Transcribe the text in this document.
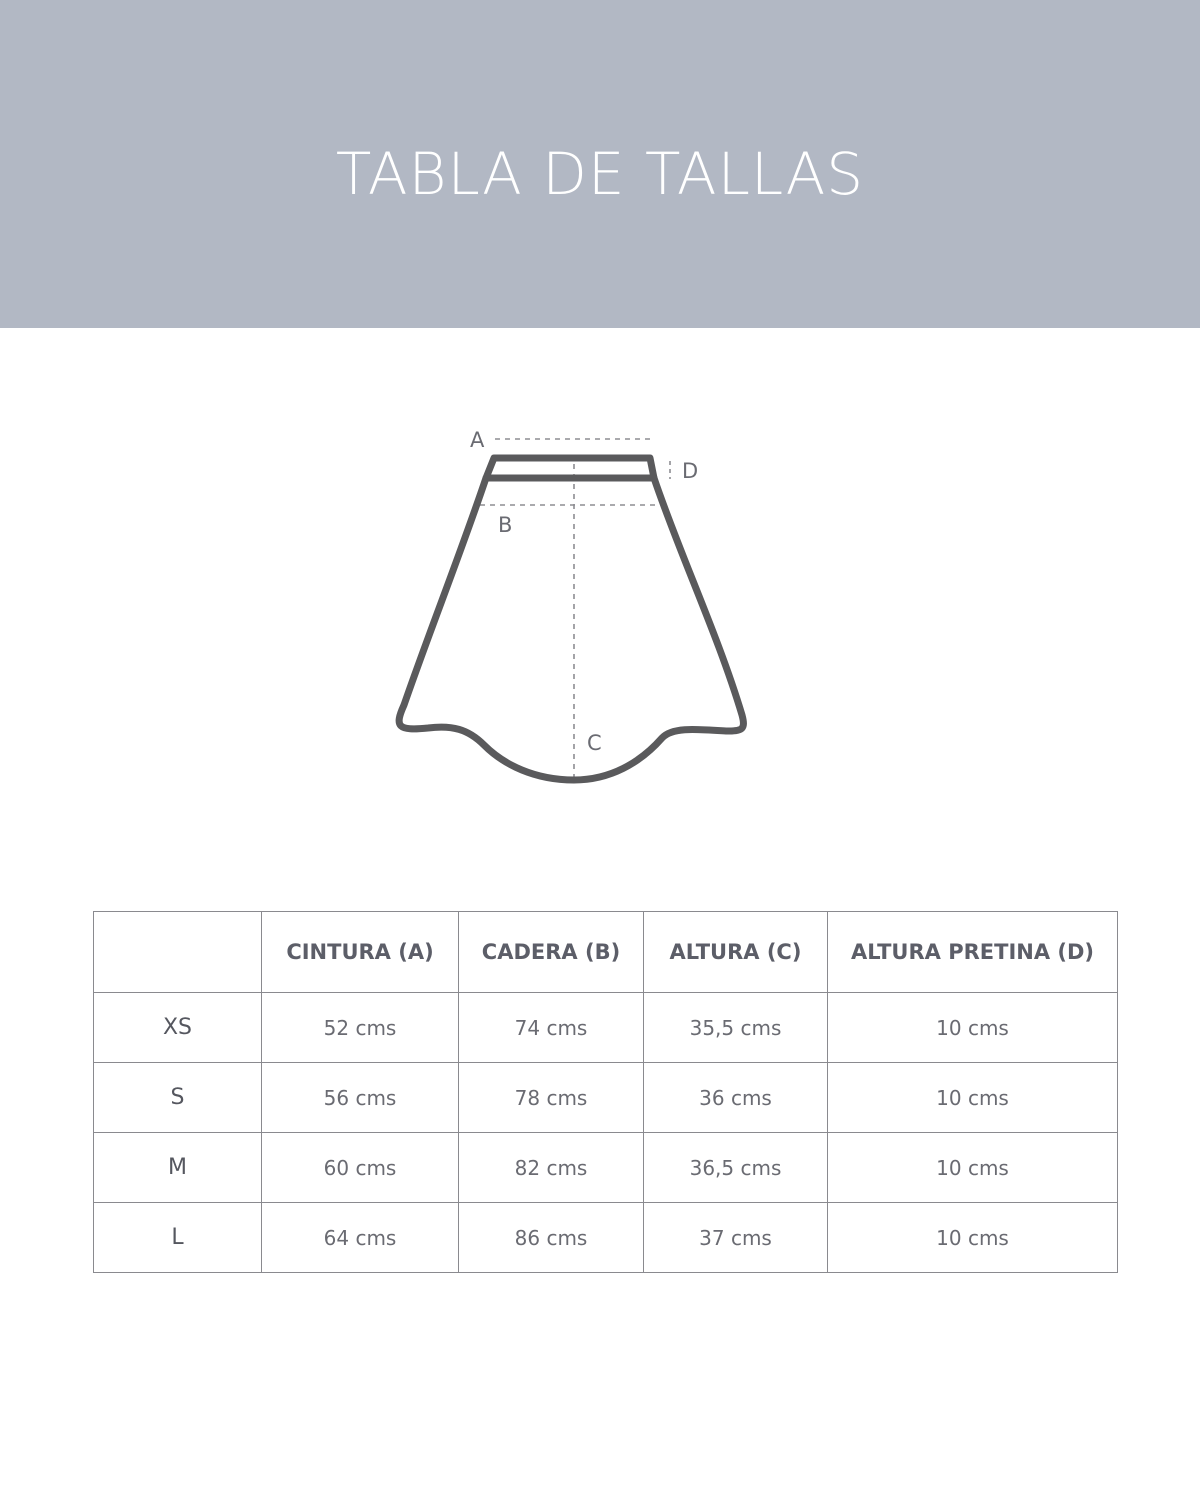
TABLA DE TALLAS
A
D
B
C
	CINTURA (A)	CADERA (B)	ALTURA (C)	ALTURA PRETINA (D)
XS	52 cms	74 cms	35,5 cms	10 cms
S	56 cms	78 cms	36 cms	10 cms
M	60 cms	82 cms	36,5 cms	10 cms
L	64 cms	86 cms	37 cms	10 cms
